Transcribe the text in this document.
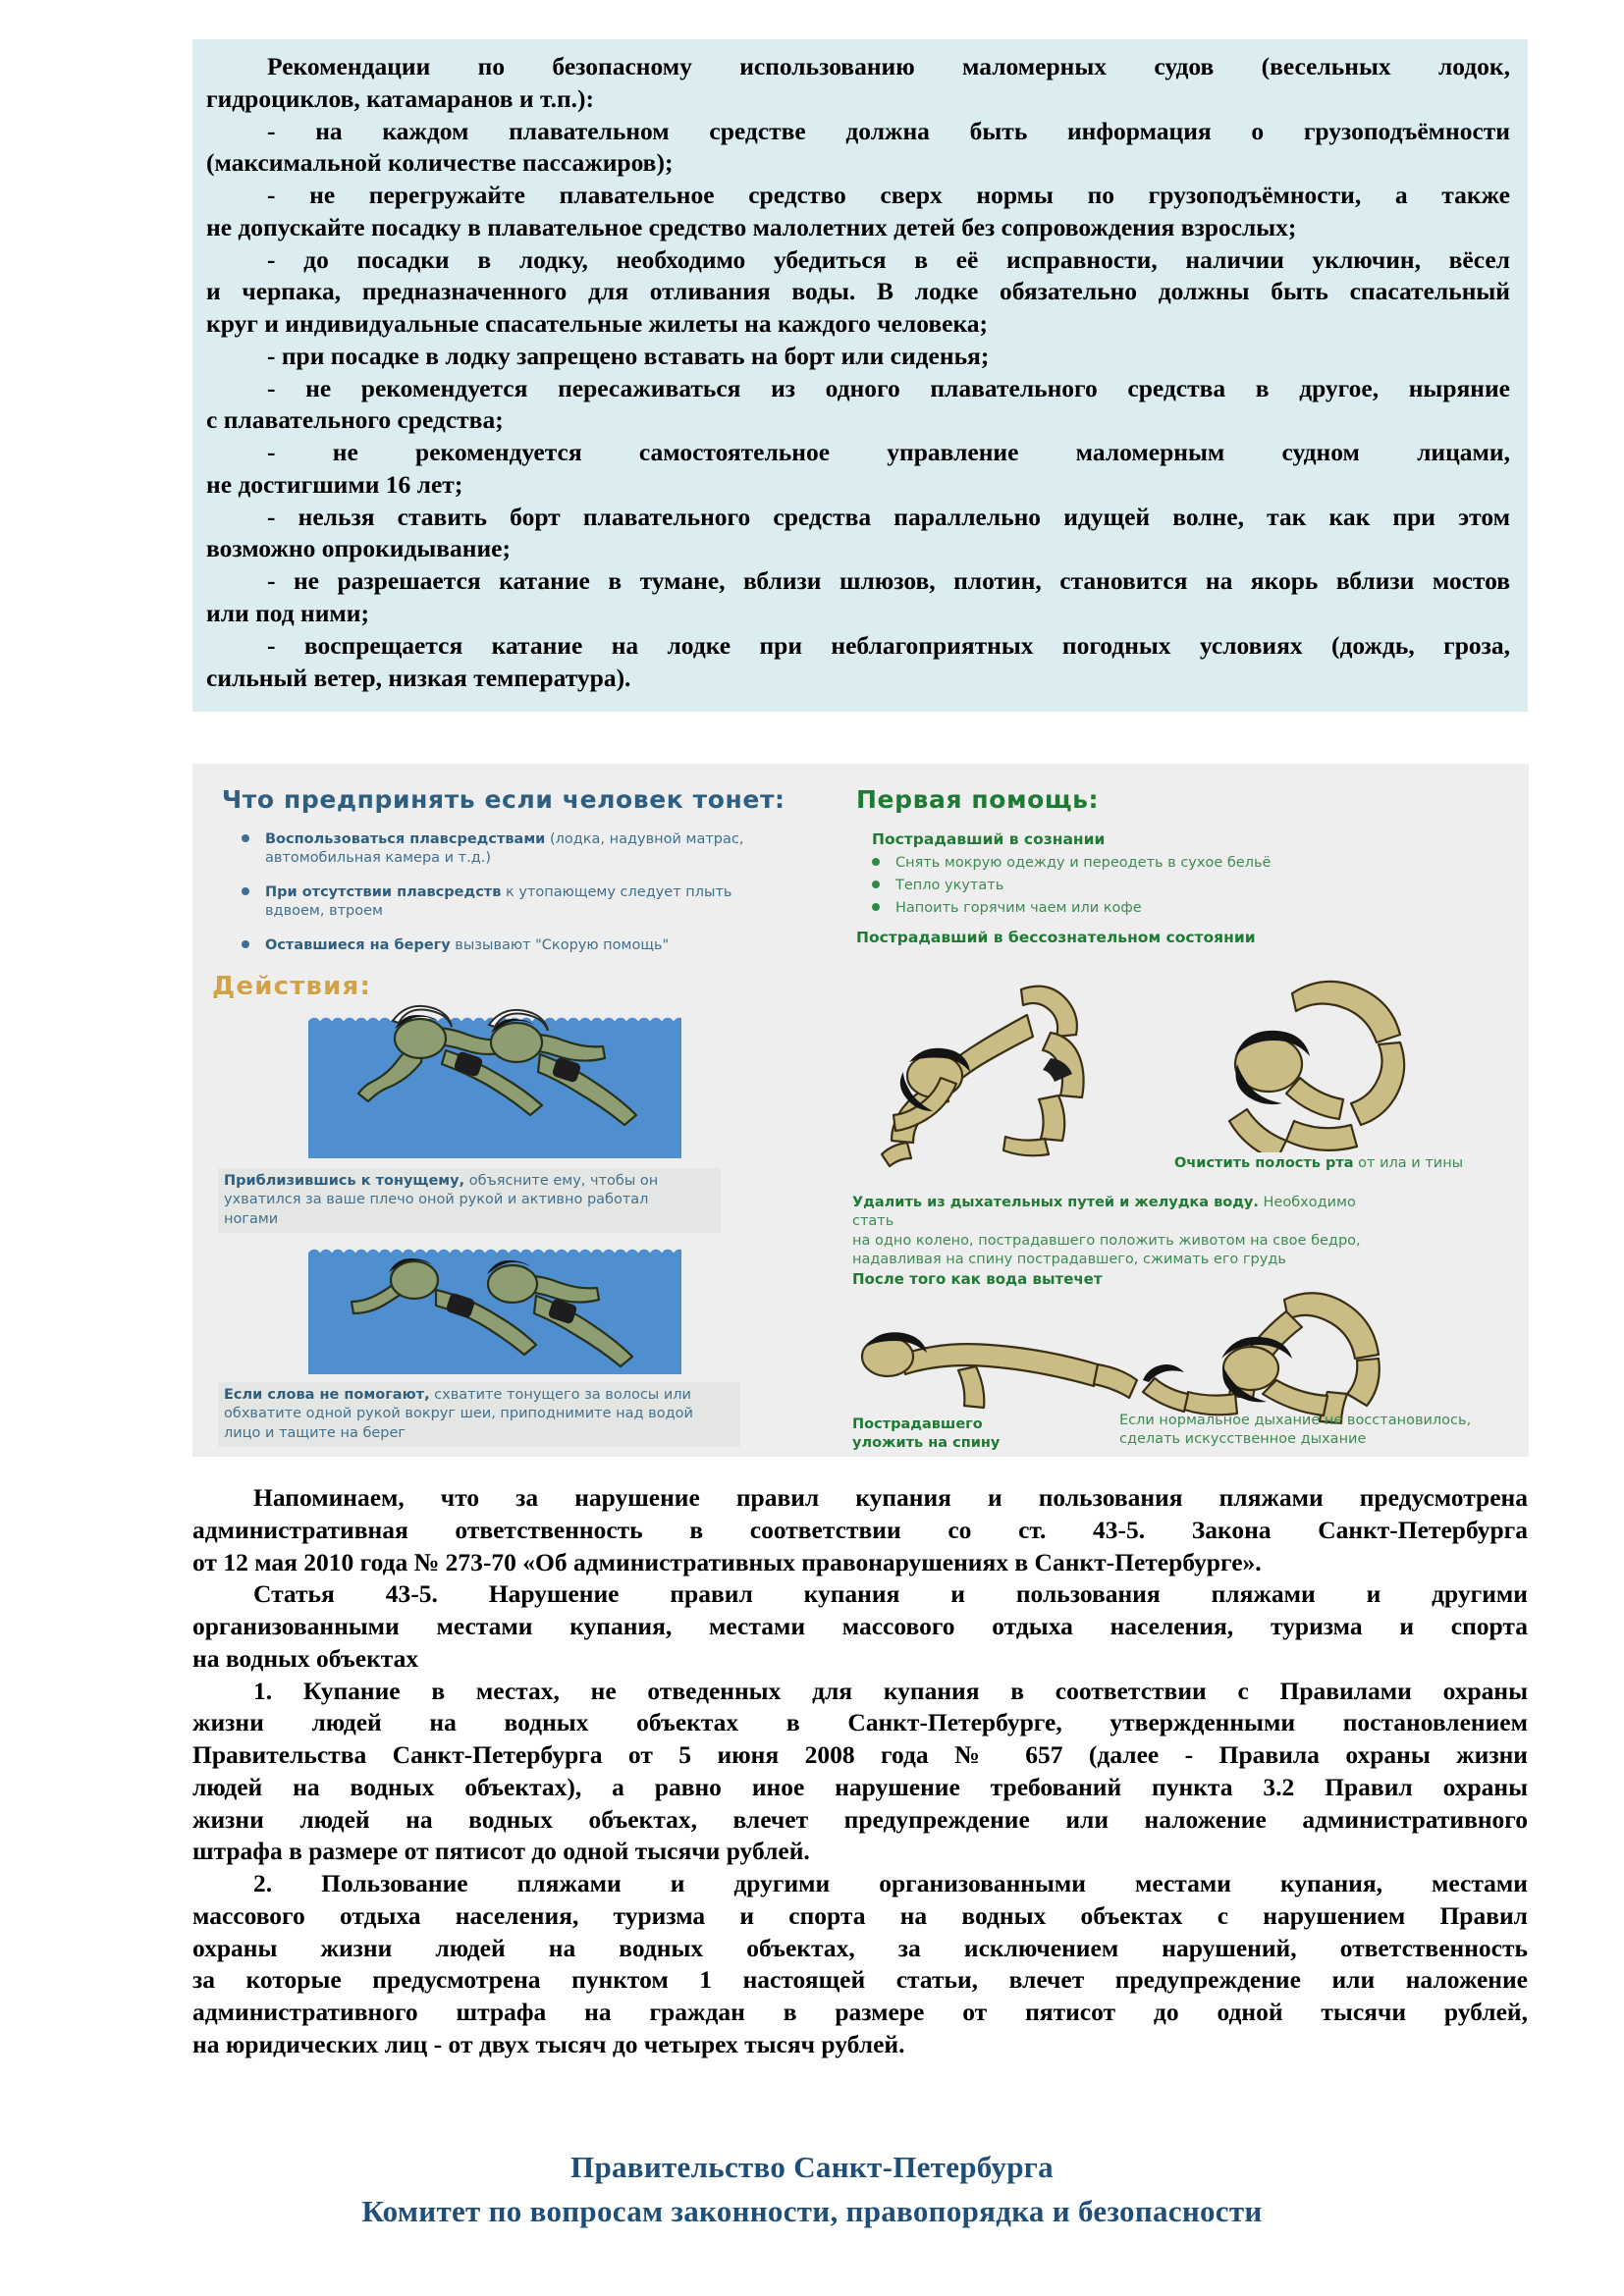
Рекомендации по безопасному использованию маломерных судов (весельных лодок,

гидроциклов, катамаранов и т.п.):

- на каждом плавательном средстве должна быть информация о грузоподъёмности

(максимальной количестве пассажиров);

- не перегружайте плавательное средство сверх нормы по грузоподъёмности, а также

не допускайте посадку в плавательное средство малолетних детей без сопровождения взрослых;

- до посадки в лодку, необходимо убедиться в её исправности, наличии уключин, вёсел

и черпака, предназначенного для отливания воды. В лодке обязательно должны быть спасательный

круг и индивидуальные спасательные жилеты на каждого человека;

- при посадке в лодку запрещено вставать на борт или сиденья;

- не рекомендуется пересаживаться из одного плавательного средства в другое, ныряние

с плавательного средства;

- не рекомендуется самостоятельное управление маломерным судном лицами,

не достигшими 16 лет;

- нельзя ставить борт плавательного средства параллельно идущей волне, так как при этом

возможно опрокидывание;

- не разрешается катание в тумане, вблизи шлюзов, плотин, становится на якорь вблизи мостов

или под ними;

- воспрещается катание на лодке при неблагоприятных погодных условиях (дождь, гроза,

сильный ветер, низкая температура).

Что предпринять если человек тонет:
Воспользоваться плавсредствами (лодка, надувной матрас,
автомобильная камера и т.д.)
При отсутствии плавсредств к утопающему следует плыть
вдвоем, втроем
Оставшиеся на берегу вызывают "Скорую помощь"
Действия:
Приблизившись к тонущему, объясните ему, чтобы он
ухватился за ваше плечо оной рукой и активно работал
ногами
Если слова не помогают, схватите тонущего за волосы или
обхватите одной рукой вокруг шеи, приподнимите над водой
лицо и тащите на берег
Первая помощь:
Пострадавший в сознании
Снять мокрую одежду и переодеть в сухое бельё
Тепло укутать
Напоить горячим чаем или кофе
Пострадавший в бессознательном состоянии
Очистить полость рта от ила и тины
Удалить из дыхательных путей и желудка воду. Необходимо стать
на одно колено, пострадавшего положить животом на свое бедро,
надавливая на спину пострадавшего, сжимать его грудь
После того как вода вытечет
Пострадавшего
уложить на спину
Если нормальное дыхание не восстановилось,
сделать искусственное дыхание

Напоминаем, что за нарушение правил купания и пользования пляжами предусмотрена

административная ответственность в соответствии со ст. 43-5. Закона Санкт-Петербурга

от 12 мая 2010 года № 273-70 «Об административных правонарушениях в Санкт-Петербурге».

Статья 43-5. Нарушение правил купания и пользования пляжами и другими

организованными местами купания, местами массового отдыха населения, туризма и спорта

на водных объектах

1. Купание в местах, не отведенных для купания в соответствии с Правилами охраны

жизни людей на водных объектах в Санкт-Петербурге, утвержденными постановлением

Правительства Санкт-Петербурга от 5 июня 2008 года № 657 (далее - Правила охраны жизни

людей на водных объектах), а равно иное нарушение требований пункта 3.2 Правил охраны

жизни людей на водных объектах, влечет предупреждение или наложение административного

штрафа в размере от пятисот до одной тысячи рублей.

2. Пользование пляжами и другими организованными местами купания, местами

массового отдыха населения, туризма и спорта на водных объектах с нарушением Правил

охраны жизни людей на водных объектах, за исключением нарушений, ответственность

за которые предусмотрена пунктом 1 настоящей статьи, влечет предупреждение или наложение

административного штрафа на граждан в размере от пятисот до одной тысячи рублей,

на юридических лиц - от двух тысяч до четырех тысяч рублей.

Правительство Санкт-Петербурга
Комитет по вопросам законности, правопорядка и безопасности
